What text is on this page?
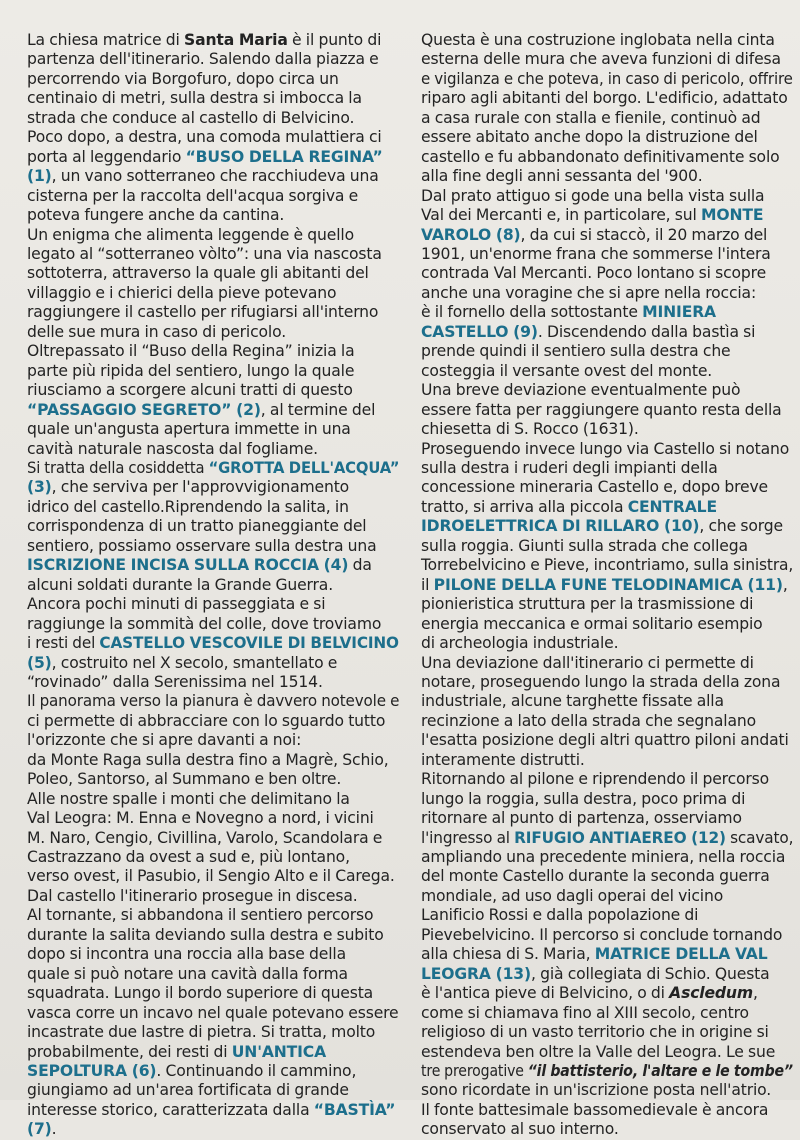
La chiesa matrice di Santa Maria è il punto di
partenza dell'itinerario. Salendo dalla piazza e
percorrendo via Borgofuro, dopo circa un
centinaio di metri, sulla destra si imbocca la
strada che conduce al castello di Belvicino.
Poco dopo, a destra, una comoda mulattiera ci
porta al leggendario “BUSO DELLA REGINA”
(1), un vano sotterraneo che racchiudeva una
cisterna per la raccolta dell'acqua sorgiva e
poteva fungere anche da cantina.
Un enigma che alimenta leggende è quello
legato al “sotterraneo vòlto”: una via nascosta
sottoterra, attraverso la quale gli abitanti del
villaggio e i chierici della pieve potevano
raggiungere il castello per rifugiarsi all'interno
delle sue mura in caso di pericolo.
Oltrepassato il “Buso della Regina” inizia la
parte più ripida del sentiero, lungo la quale
riusciamo a scorgere alcuni tratti di questo
“PASSAGGIO SEGRETO” (2), al termine del
quale un'angusta apertura immette in una
cavità naturale nascosta dal fogliame.
Si tratta della cosiddetta “GROTTA DELL'ACQUA”
(3), che serviva per l'approvvigionamento
idrico del castello.Riprendendo la salita, in
corrispondenza di un tratto pianeggiante del
sentiero, possiamo osservare sulla destra una
ISCRIZIONE INCISA SULLA ROCCIA (4) da
alcuni soldati durante la Grande Guerra.
Ancora pochi minuti di passeggiata e si
raggiunge la sommità del colle, dove troviamo
i resti del CASTELLO VESCOVILE DI BELVICINO
(5), costruito nel X secolo, smantellato e
“rovinado” dalla Serenissima nel 1514.
Il panorama verso la pianura è davvero notevole e
ci permette di abbracciare con lo sguardo tutto
l'orizzonte che si apre davanti a noi:
da Monte Raga sulla destra fino a Magrè, Schio,
Poleo, Santorso, al Summano e ben oltre.
Alle nostre spalle i monti che delimitano la
Val Leogra: M. Enna e Novegno a nord, i vicini
M. Naro, Cengio, Civillina, Varolo, Scandolara e
Castrazzano da ovest a sud e, più lontano,
verso ovest, il Pasubio, il Sengio Alto e il Carega.
Dal castello l'itinerario prosegue in discesa.
Al tornante, si abbandona il sentiero percorso
durante la salita deviando sulla destra e subito
dopo si incontra una roccia alla base della
quale si può notare una cavità dalla forma
squadrata. Lungo il bordo superiore di questa
vasca corre un incavo nel quale potevano essere
incastrate due lastre di pietra. Si tratta, molto
probabilmente, dei resti di UN'ANTICA
SEPOLTURA (6). Continuando il cammino,
giungiamo ad un'area fortificata di grande
interesse storico, caratterizzata dalla “BASTÌA”
(7).
Questa è una costruzione inglobata nella cinta
esterna delle mura che aveva funzioni di difesa
e vigilanza e che poteva, in caso di pericolo, offrire
riparo agli abitanti del borgo. L'edificio, adattato
a casa rurale con stalla e fienile, continuò ad
essere abitato anche dopo la distruzione del
castello e fu abbandonato definitivamente solo
alla fine degli anni sessanta del '900.
Dal prato attiguo si gode una bella vista sulla
Val dei Mercanti e, in particolare, sul MONTE
VAROLO (8), da cui si staccò, il 20 marzo del
1901, un'enorme frana che sommerse l'intera
contrada Val Mercanti. Poco lontano si scopre
anche una voragine che si apre nella roccia:
è il fornello della sottostante MINIERA
CASTELLO (9). Discendendo dalla bastìa si
prende quindi il sentiero sulla destra che
costeggia il versante ovest del monte.
Una breve deviazione eventualmente può
essere fatta per raggiungere quanto resta della
chiesetta di S. Rocco (1631).
Proseguendo invece lungo via Castello si notano
sulla destra i ruderi degli impianti della
concessione mineraria Castello e, dopo breve
tratto, si arriva alla piccola CENTRALE
IDROELETTRICA DI RILLARO (10), che sorge
sulla roggia. Giunti sulla strada che collega
Torrebelvicino e Pieve, incontriamo, sulla sinistra,
il PILONE DELLA FUNE TELODINAMICA (11),
pionieristica struttura per la trasmissione di
energia meccanica e ormai solitario esempio
di archeologia industriale.
Una deviazione dall'itinerario ci permette di
notare, proseguendo lungo la strada della zona
industriale, alcune targhette fissate alla
recinzione a lato della strada che segnalano
l'esatta posizione degli altri quattro piloni andati
interamente distrutti.
Ritornando al pilone e riprendendo il percorso
lungo la roggia, sulla destra, poco prima di
ritornare al punto di partenza, osserviamo
l'ingresso al RIFUGIO ANTIAEREO (12) scavato,
ampliando una precedente miniera, nella roccia
del monte Castello durante la seconda guerra
mondiale, ad uso dagli operai del vicino
Lanificio Rossi e dalla popolazione di
Pievebelvicino. Il percorso si conclude tornando
alla chiesa di S. Maria, MATRICE DELLA VAL
LEOGRA (13), già collegiata di Schio. Questa
è l'antica pieve di Belvicino, o di Ascledum,
come si chiamava fino al XIII secolo, centro
religioso di un vasto territorio che in origine si
estendeva ben oltre la Valle del Leogra. Le sue
tre prerogative “il battisterio, l'altare e le tombe”
sono ricordate in un'iscrizione posta nell'atrio.
Il fonte battesimale bassomedievale è ancora
conservato al suo interno.
